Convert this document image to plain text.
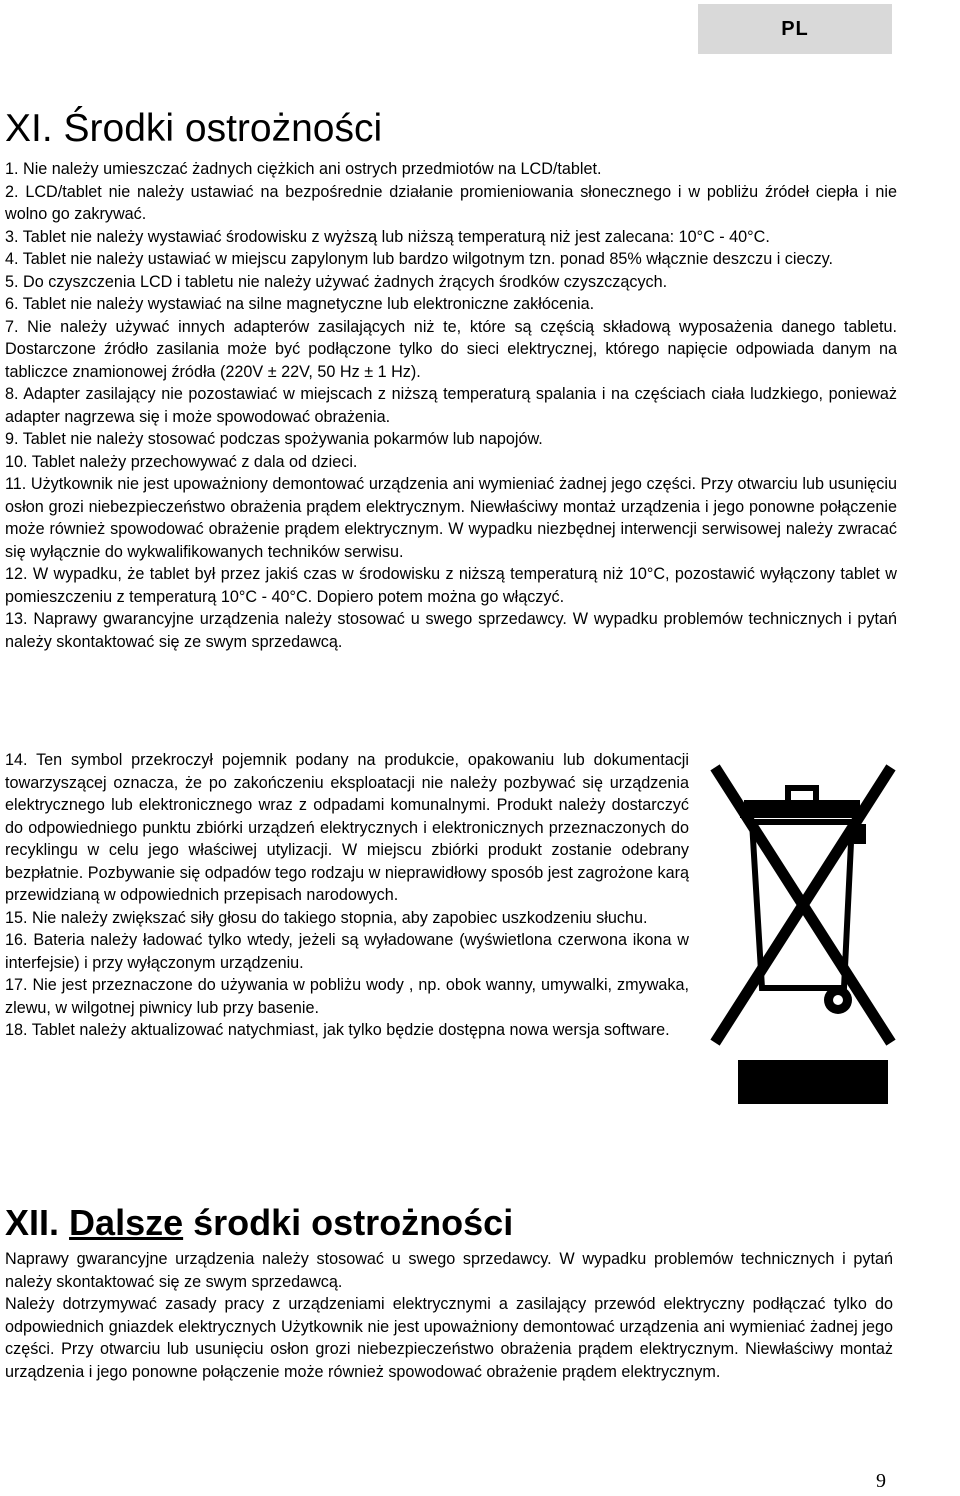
PL
XI. Środki ostrożności

1. Nie należy umieszczać żadnych ciężkich ani ostrych przedmiotów na LCD/tablet.

2. LCD/tablet nie należy ustawiać na bezpośrednie działanie promieniowania słonecznego i w pobliżu źródeł ciepła i nie wolno go zakrywać.

3. Tablet nie należy wystawiać środowisku z wyższą lub niższą temperaturą niż jest zalecana: 10°C - 40°C.

4. Tablet nie należy ustawiać w miejscu zapylonym lub bardzo wilgotnym tzn. ponad 85% włącznie deszczu i cieczy.

5. Do czyszczenia LCD i tabletu nie należy używać żadnych żrących środków czyszczących.

6. Tablet nie należy wystawiać na silne magnetyczne lub elektroniczne zakłócenia.

7. Nie należy używać innych adapterów zasilających niż te, które są częścią składową wyposażenia danego tabletu. Dostarczone źródło zasilania może być podłączone tylko do sieci elektrycznej, którego napięcie odpowiada danym na tabliczce znamionowej źródła (220V ± 22V, 50 Hz ± 1 Hz).

8. Adapter zasilający nie pozostawiać w miejscach z niższą temperaturą spalania i na częściach ciała ludzkiego, ponieważ adapter nagrzewa się i może spowodować obrażenia.

9. Tablet nie należy stosować podczas spożywania pokarmów lub napojów.

10. Tablet należy przechowywać z dala od dzieci.

11. Użytkownik nie jest upoważniony demontować urządzenia ani wymieniać żadnej jego części. Przy otwarciu lub usunięciu osłon grozi niebezpieczeństwo obrażenia prądem elektrycznym. Niewłaściwy montaż urządzenia i jego ponowne połączenie może również spowodować obrażenie prądem elektrycznym. W wypadku niezbędnej interwencji serwisowej należy zwracać się wyłącznie do wykwalifikowanych techników serwisu.

12. W wypadku, że tablet był przez jakiś czas w środowisku z niższą temperaturą niż 10°C, pozostawić wyłączony tablet w pomieszczeniu z temperaturą 10°C - 40°C. Dopiero potem można go włączyć.

13. Naprawy gwarancyjne urządzenia należy stosować u swego sprzedawcy. W wypadku problemów technicznych i pytań należy skontaktować się ze swym sprzedawcą.

14. Ten symbol przekroczył pojemnik podany na produkcie, opakowaniu lub dokumentacji towarzyszącej oznacza, że po zakończeniu eksploatacji nie należy pozbywać się urządzenia elektrycznego lub elektronicznego wraz z odpadami komunalnymi. Produkt należy dostarczyć do odpowiedniego punktu zbiórki urządzeń elektrycznych i elektronicznych przeznaczonych do recyklingu w celu jego właściwej utylizacji. W miejscu zbiórki produkt zostanie odebrany bezpłatnie. Pozbywanie się odpadów tego rodzaju w nieprawidłowy sposób jest zagrożone karą przewidzianą w odpowiednich przepisach narodowych.

15. Nie należy zwiększać siły głosu do takiego stopnia, aby zapobiec uszkodzeniu słuchu.

16. Bateria należy ładować tylko wtedy, jeżeli są wyładowane (wyświetlona czerwona ikona w interfejsie) i przy wyłączonym urządzeniu.

17. Nie jest przeznaczone do używania w pobliżu wody , np. obok wanny, umywalki, zmywaka, zlewu, w wilgotnej piwnicy lub przy basenie.

18. Tablet należy aktualizować natychmiast, jak tylko będzie dostępna nowa wersja software.

XII. Dalsze środki ostrożności

Naprawy gwarancyjne urządzenia należy stosować u swego sprzedawcy. W wypadku problemów technicznych i pytań należy skontaktować się ze swym sprzedawcą.

Należy dotrzymywać zasady pracy z urządzeniami elektrycznymi a zasilający przewód elektryczny podłączać tylko do odpowiednich gniazdek elektrycznych Użytkownik nie jest upoważniony demontować urządzenia ani wymieniać żadnej jego części. Przy otwarciu lub usunięciu osłon grozi niebezpieczeństwo obrażenia prądem elektrycznym. Niewłaściwy montaż urządzenia i jego ponowne połączenie może również spowodować obrażenie prądem elektrycznym.

9
